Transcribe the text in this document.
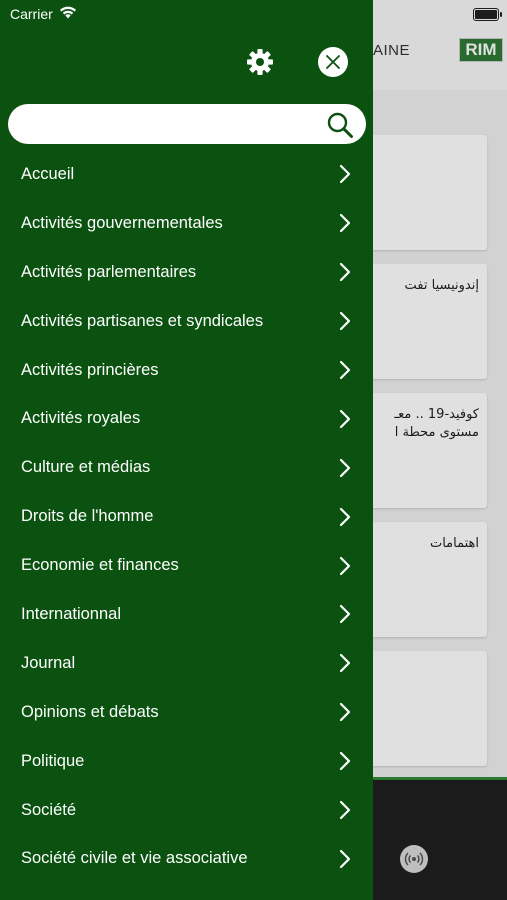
AINE	RIM
إندونيسيا تفت
كوفيد-19 .. معـ
مستوى محطة ا
اهتمامات
Carrier
Accueil
Activités gouvernementales
Activités parlementaires
Activités partisanes et syndicales
Activités princières
Activités royales
Culture et médias
Droits de l'homme
Economie et finances
Internationnal
Journal
Opinions et débats
Politique
Société
Société civile et vie associative
